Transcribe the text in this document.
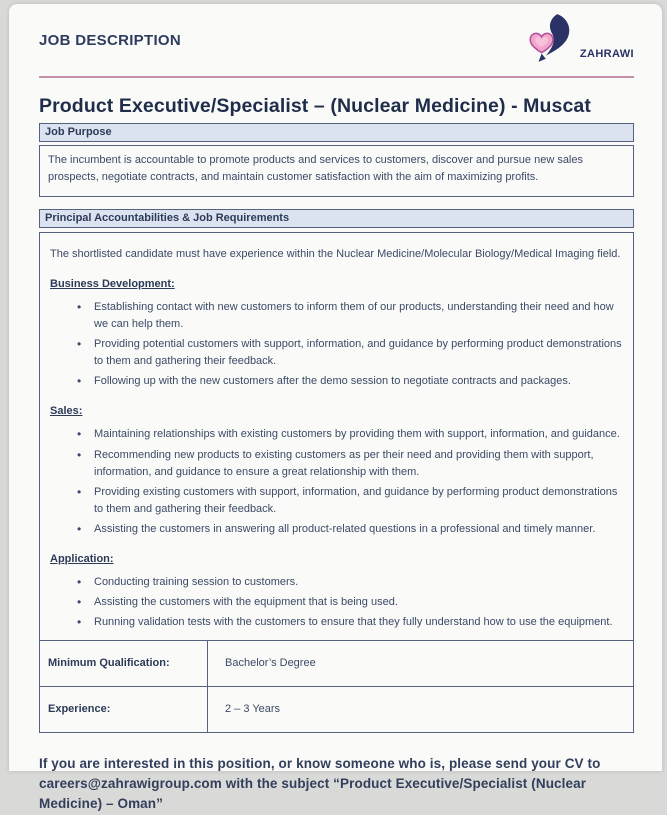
JOB DESCRIPTION
ZAHRAWI
Product Executive/Specialist – (Nuclear Medicine) - Muscat
Job Purpose
The incumbent is accountable to promote products and services to customers, discover and pursue new sales prospects, negotiate contracts, and maintain customer satisfaction with the aim of maximizing profits.
Principal Accountabilities & Job Requirements

The shortlisted candidate must have experience within the Nuclear Medicine/Molecular Biology/Medical Imaging field.

Business Development:
• Establishing contact with new customers to inform them of our products, understanding their need and how we can help them.
• Providing potential customers with support, information, and guidance by performing product demonstrations to them and gathering their feedback.
• Following up with the new customers after the demo session to negotiate contracts and packages.
Sales:
• Maintaining relationships with existing customers by providing them with support, information, and guidance.
• Recommending new products to existing customers as per their need and providing them with support, information, and guidance to ensure a great relationship with them.
• Providing existing customers with support, information, and guidance by performing product demonstrations to them and gathering their feedback.
• Assisting the customers in answering all product-related questions in a professional and timely manner.
Application:
• Conducting training session to customers.
• Assisting the customers with the equipment that is being used.
• Running validation tests with the customers to ensure that they fully understand how to use the equipment.
Minimum Qualification:	Bachelor’s Degree
Experience:	2 – 3 Years

If you are interested in this position, or know someone who is, please send your CV to careers@zahrawigroup.com with the subject “Product Executive/Specialist (Nuclear Medicine) – Oman”
